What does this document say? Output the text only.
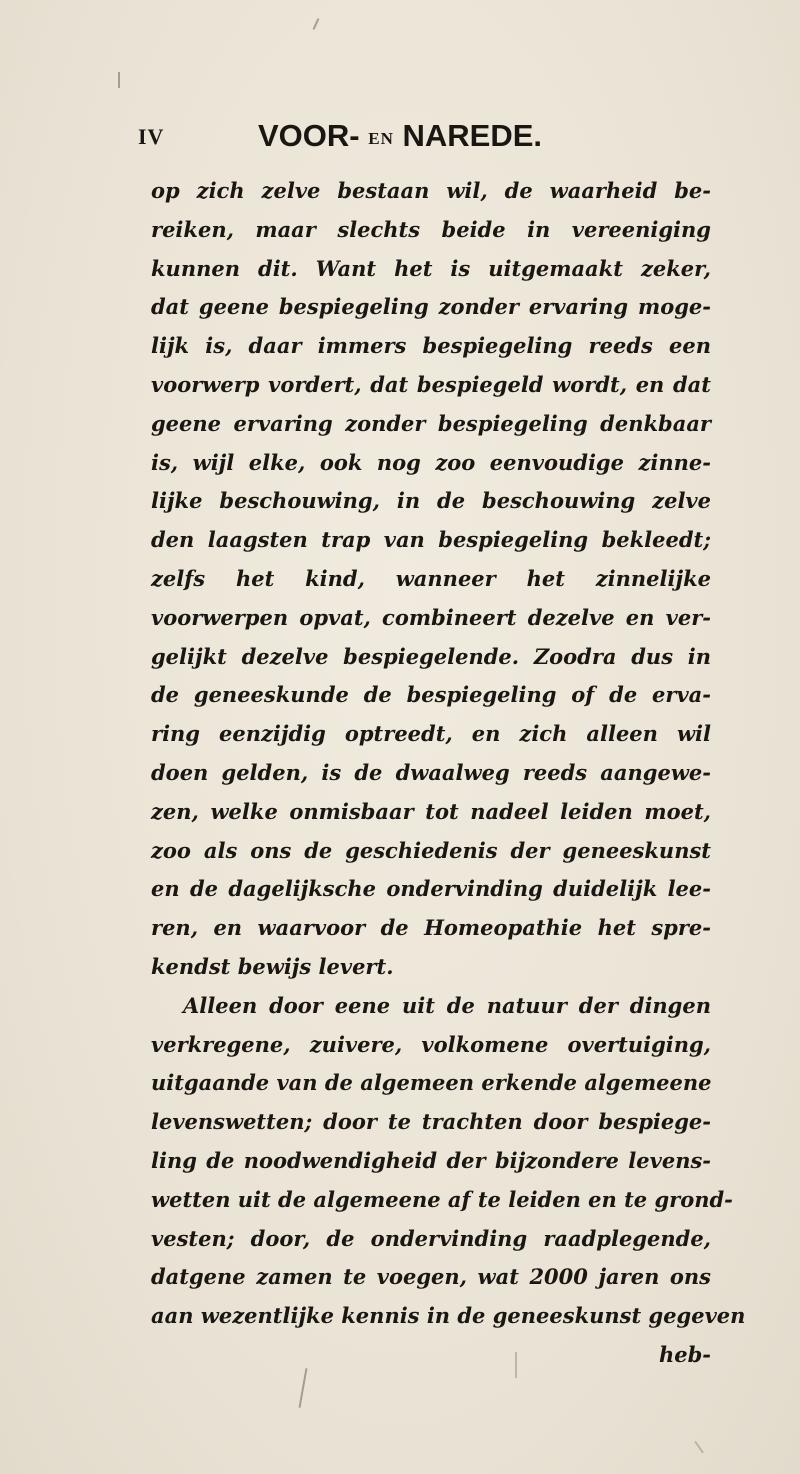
IV	VOOR- EN NAREDE.
op zich zelve bestaan wil, de waarheid be-
reiken, maar slechts beide in vereeniging
kunnen dit. Want het is uitgemaakt zeker,
dat geene bespiegeling zonder ervaring moge-
lijk is, daar immers bespiegeling reeds een
voorwerp vordert, dat bespiegeld wordt, en dat
geene ervaring zonder bespiegeling denkbaar
is, wijl elke, ook nog zoo eenvoudige zinne-
lijke beschouwing, in de beschouwing zelve
den laagsten trap van bespiegeling bekleedt;
zelfs het kind, wanneer het zinnelijke
voorwerpen opvat, combineert dezelve en ver-
gelijkt dezelve bespiegelende. Zoodra dus in
de geneeskunde de bespiegeling of de erva-
ring eenzijdig optreedt, en zich alleen wil
doen gelden, is de dwaalweg reeds aangewe-
zen, welke onmisbaar tot nadeel leiden moet,
zoo als ons de geschiedenis der geneeskunst
en de dagelijksche ondervinding duidelijk lee-
ren, en waarvoor de Homeopathie het spre-
kendst bewijs levert.
Alleen door eene uit de natuur der dingen
verkregene, zuivere, volkomene overtuiging,
uitgaande van de algemeen erkende algemeene
levenswetten; door te trachten door bespiege-
ling de noodwendigheid der bijzondere levens-
wetten uit de algemeene af te leiden en te grond-
vesten; door, de ondervinding raadplegende,
datgene zamen te voegen, wat 2000 jaren ons
aan wezentlijke kennis in de geneeskunst gegeven
heb-
